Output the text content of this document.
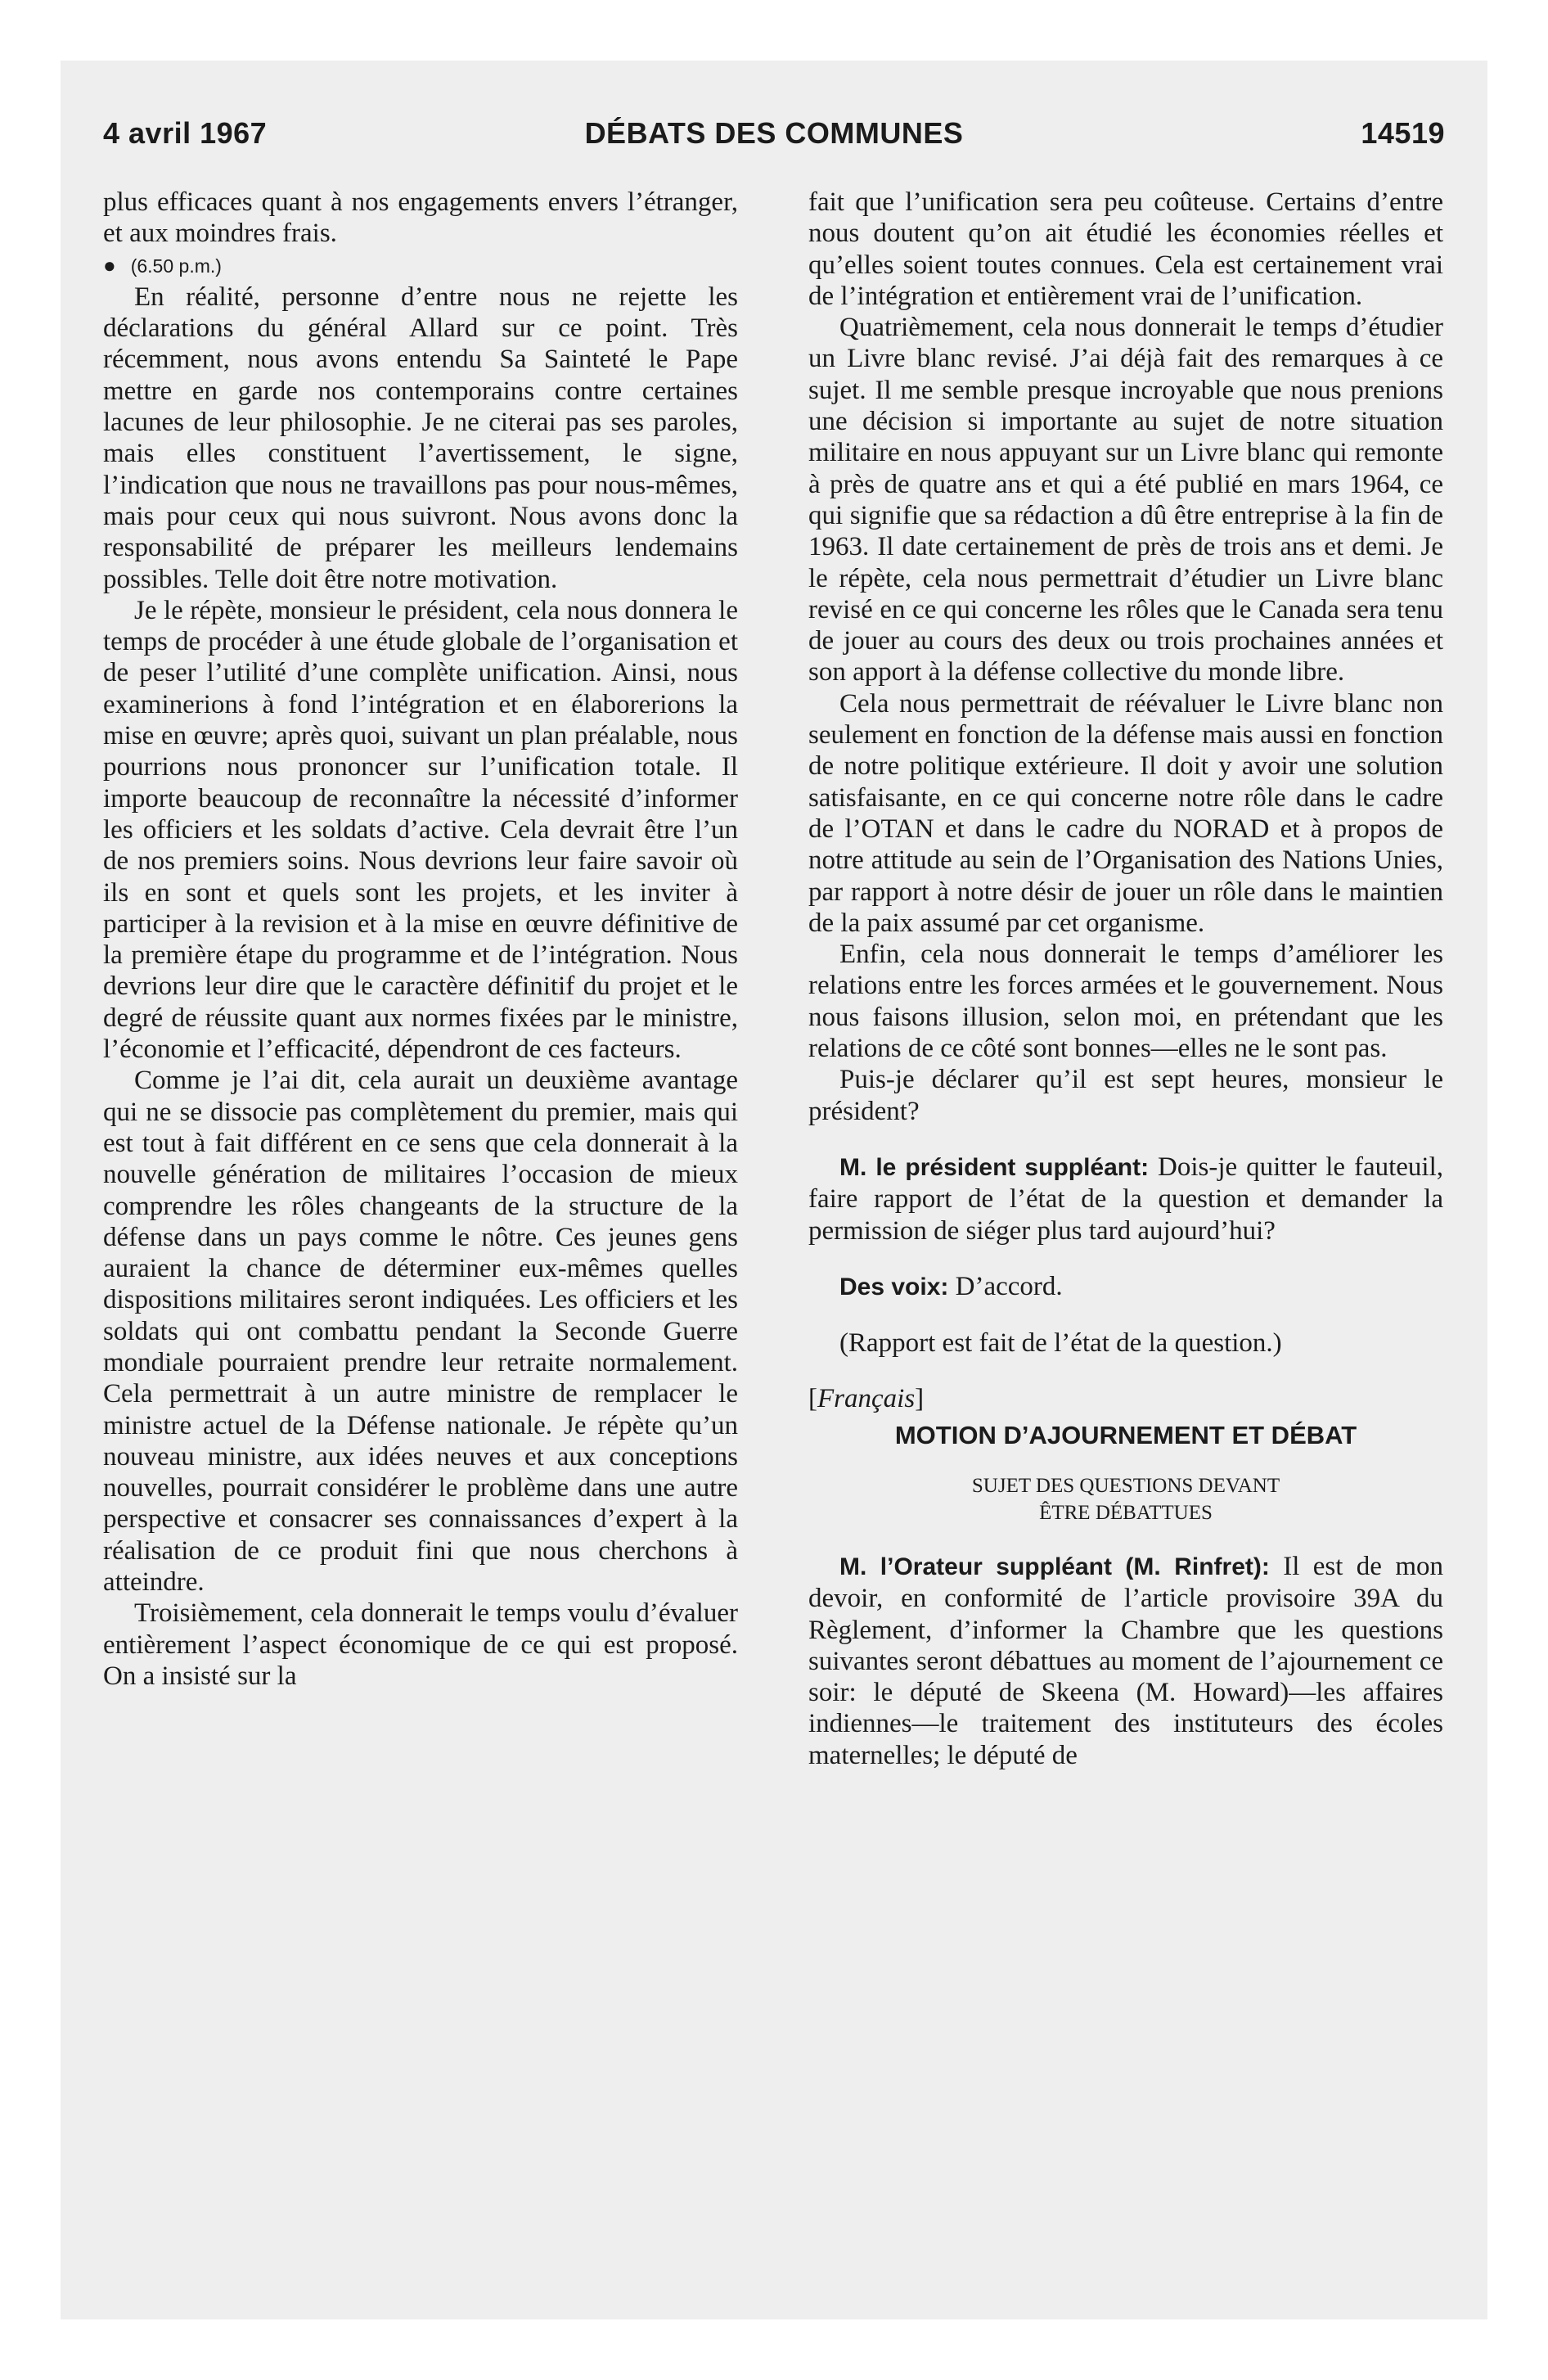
4 avril 1967	DÉBATS DES COMMUNES	14519

plus efficaces quant à nos engagements envers l’étranger, et aux moindres frais.

● (6.50 p.m.)

En réalité, personne d’entre nous ne rejette les déclarations du général Allard sur ce point. Très récemment, nous avons entendu Sa Sainteté le Pape mettre en garde nos contemporains contre certaines lacunes de leur philosophie. Je ne citerai pas ses paroles, mais elles constituent l’avertissement, le signe, l’indication que nous ne travaillons pas pour nous-mêmes, mais pour ceux qui nous suivront. Nous avons donc la responsabilité de préparer les meilleurs lendemains possibles. Telle doit être notre motivation.

Je le répète, monsieur le président, cela nous donnera le temps de procéder à une étude globale de l’organisation et de peser l’utilité d’une complète unification. Ainsi, nous examinerions à fond l’intégration et en élaborerions la mise en œuvre; après quoi, suivant un plan préalable, nous pourrions nous prononcer sur l’unification totale. Il importe beaucoup de reconnaître la nécessité d’informer les officiers et les soldats d’active. Cela devrait être l’un de nos premiers soins. Nous devrions leur faire savoir où ils en sont et quels sont les projets, et les inviter à participer à la revision et à la mise en œuvre définitive de la première étape du programme et de l’intégration. Nous devrions leur dire que le caractère définitif du projet et le degré de réussite quant aux normes fixées par le ministre, l’économie et l’efficacité, dépendront de ces facteurs.

Comme je l’ai dit, cela aurait un deuxième avantage qui ne se dissocie pas complètement du premier, mais qui est tout à fait différent en ce sens que cela donnerait à la nouvelle génération de militaires l’occasion de mieux comprendre les rôles changeants de la structure de la défense dans un pays comme le nôtre. Ces jeunes gens auraient la chance de déterminer eux-mêmes quelles dispositions militaires seront indiquées. Les officiers et les soldats qui ont combattu pendant la Seconde Guerre mondiale pourraient prendre leur retraite normalement. Cela permettrait à un autre ministre de remplacer le ministre actuel de la Défense nationale. Je répète qu’un nouveau ministre, aux idées neuves et aux conceptions nouvelles, pourrait considérer le problème dans une autre perspective et consacrer ses connaissances d’expert à la réalisation de ce produit fini que nous cherchons à atteindre.

Troisièmement, cela donnerait le temps voulu d’évaluer entièrement l’aspect économique de ce qui est proposé. On a insisté sur la

fait que l’unification sera peu coûteuse. Certains d’entre nous doutent qu’on ait étudié les économies réelles et qu’elles soient toutes connues. Cela est certainement vrai de l’intégration et entièrement vrai de l’unification.

Quatrièmement, cela nous donnerait le temps d’étudier un Livre blanc revisé. J’ai déjà fait des remarques à ce sujet. Il me semble presque incroyable que nous prenions une décision si importante au sujet de notre situation militaire en nous appuyant sur un Livre blanc qui remonte à près de quatre ans et qui a été publié en mars 1964, ce qui signifie que sa rédaction a dû être entreprise à la fin de 1963. Il date certainement de près de trois ans et demi. Je le répète, cela nous permettrait d’étudier un Livre blanc revisé en ce qui concerne les rôles que le Canada sera tenu de jouer au cours des deux ou trois prochaines années et son apport à la défense collective du monde libre.

Cela nous permettrait de réévaluer le Livre blanc non seulement en fonction de la défense mais aussi en fonction de notre politique extérieure. Il doit y avoir une solution satisfaisante, en ce qui concerne notre rôle dans le cadre de l’OTAN et dans le cadre du NORAD et à propos de notre attitude au sein de l’Organisation des Nations Unies, par rapport à notre désir de jouer un rôle dans le maintien de la paix assumé par cet organisme.

Enfin, cela nous donnerait le temps d’améliorer les relations entre les forces armées et le gouvernement. Nous nous faisons illusion, selon moi, en prétendant que les relations de ce côté sont bonnes—elles ne le sont pas.

Puis-je déclarer qu’il est sept heures, monsieur le président?

M. le président suppléant: Dois-je quitter le fauteuil, faire rapport de l’état de la question et demander la permission de siéger plus tard aujourd’hui?

Des voix: D’accord.

(Rapport est fait de l’état de la question.)

[Français]

MOTION D’AJOURNEMENT ET DÉBAT

SUJET DES QUESTIONS DEVANT
ÊTRE DÉBATTUES

M. l’Orateur suppléant (M. Rinfret): Il est de mon devoir, en conformité de l’article provisoire 39A du Règlement, d’informer la Chambre que les questions suivantes seront débattues au moment de l’ajournement ce soir: le député de Skeena (M. Howard)—les affaires indiennes—le traitement des instituteurs des écoles maternelles; le député de
